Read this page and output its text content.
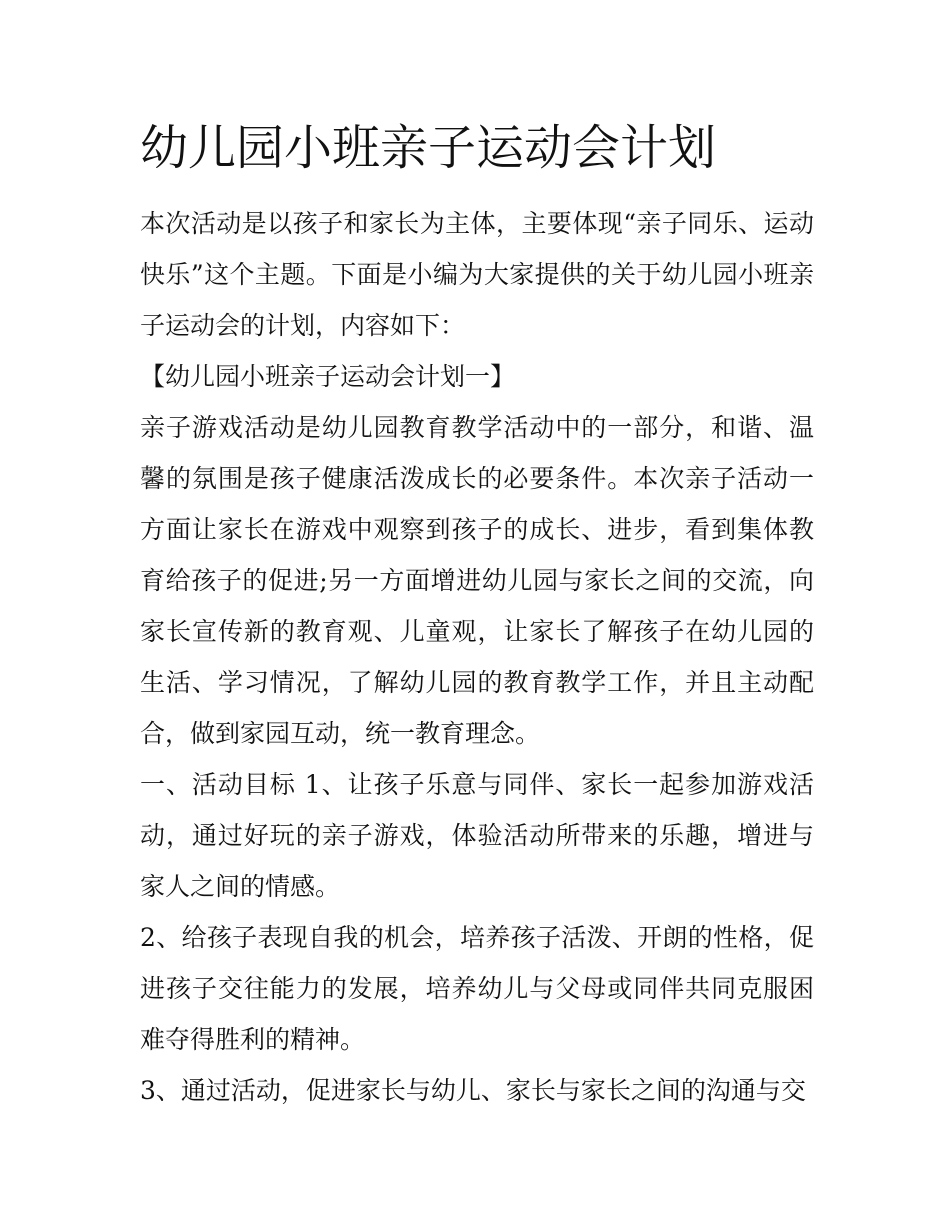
幼儿园小班亲子运动会计划

本次活动是以孩子和家长为主体，主要体现“亲子同乐、运动快乐”这个主题。下面是小编为大家提供的关于幼儿园小班亲子运动会的计划，内容如下：

【幼儿园小班亲子运动会计划一】

亲子游戏活动是幼儿园教育教学活动中的一部分，和谐、温馨的氛围是孩子健康活泼成长的必要条件。本次亲子活动一方面让家长在游戏中观察到孩子的成长、进步，看到集体教育给孩子的促进;另一方面增进幼儿园与家长之间的交流，向家长宣传新的教育观、儿童观，让家长了解孩子在幼儿园的生活、学习情况，了解幼儿园的教育教学工作，并且主动配合，做到家园互动，统一教育理念。

一、活动目标 1、让孩子乐意与同伴、家长一起参加游戏活动，通过好玩的亲子游戏，体验活动所带来的乐趣，增进与家人之间的情感。

2、给孩子表现自我的机会，培养孩子活泼、开朗的性格，促进孩子交往能力的发展，培养幼儿与父母或同伴共同克服困难夺得胜利的精神。

3、通过活动，促进家长与幼儿、家长与家长之间的沟通与交
